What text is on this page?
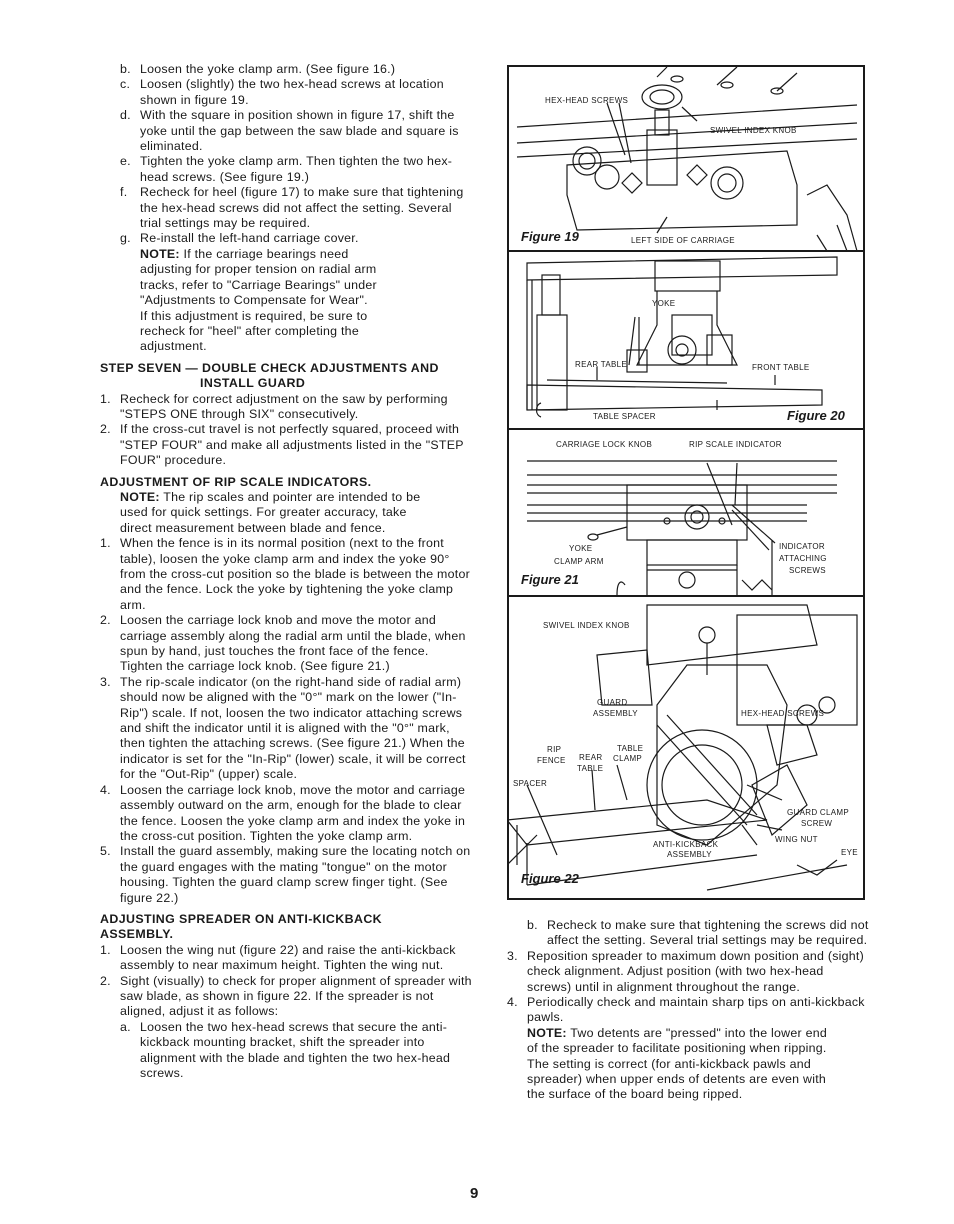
b. Loosen the yoke clamp arm. (See figure 16.)

c. Loosen (slightly) the two hex-head screws at location shown in figure 19.

d. With the square in position shown in figure 17, shift the yoke until the gap between the saw blade and square is eliminated.

e. Tighten the yoke clamp arm. Then tighten the two hex-head screws. (See figure 19.)

f. Recheck for heel (figure 17) to make sure that tightening the hex-head screws did not affect the setting. Several trial settings may be required.

g. Re-install the left-hand carriage cover.

NOTE: If the carriage bearings need adjusting for proper tension on radial arm tracks, refer to "Carriage Bearings" under "Adjustments to Compensate for Wear". If this adjustment is required, be sure to recheck for "heel" after completing the adjustment.

STEP SEVEN — DOUBLE CHECK ADJUSTMENTS AND
INSTALL GUARD

1. Recheck for correct adjustment on the saw by performing "STEPS ONE through SIX" consecutively.

2. If the cross-cut travel is not perfectly squared, proceed with "STEP FOUR" and make all adjustments listed in the "STEP FOUR" procedure.

ADJUSTMENT OF RIP SCALE INDICATORS.

NOTE: The rip scales and pointer are intended to be used for quick settings. For greater accuracy, take direct measurement between blade and fence.

1. When the fence is in its normal position (next to the front table), loosen the yoke clamp arm and index the yoke 90° from the cross-cut position so the blade is between the motor and the fence. Lock the yoke by tightening the yoke clamp arm.

2. Loosen the carriage lock knob and move the motor and carriage assembly along the radial arm until the blade, when spun by hand, just touches the front face of the fence. Tighten the carriage lock knob. (See figure 21.)

3. The rip-scale indicator (on the right-hand side of radial arm) should now be aligned with the "0°" mark on the lower ("In-Rip") scale. If not, loosen the two indicator attaching screws and shift the indicator until it is aligned with the "0°" mark, then tighten the attaching screws. (See figure 21.) When the indicator is set for the "In-Rip" (lower) scale, it will be correct for the "Out-Rip" (upper) scale.

4. Loosen the carriage lock knob, move the motor and carriage assembly outward on the arm, enough for the blade to clear the fence. Loosen the yoke clamp arm and index the yoke in the cross-cut position. Tighten the yoke clamp arm.

5. Install the guard assembly, making sure the locating notch on the guard engages with the mating "tongue" on the motor housing. Tighten the guard clamp screw finger tight. (See figure 22.)

ADJUSTING SPREADER ON ANTI-KICKBACK
ASSEMBLY.

1. Loosen the wing nut (figure 22) and raise the anti-kickback assembly to near maximum height. Tighten the wing nut.

2. Sight (visually) to check for proper alignment of spreader with saw blade, as shown in figure 22. If the spreader is not aligned, adjust it as follows:

a. Loosen the two hex-head screws that secure the anti-kickback mounting bracket, shift the spreader into alignment with the blade and tighten the two hex-head screws.

HEX-HEAD SCREWS
SWIVEL INDEX KNOB
Figure 19	LEFT SIDE OF CARRIAGE
YOKE
REAR TABLE	FRONT TABLE
TABLE SPACER	Figure 20
CARRIAGE LOCK KNOB	RIP SCALE INDICATOR
YOKE
CLAMP ARM
INDICATOR
ATTACHING
SCREWS
Figure 21
SWIVEL INDEX KNOB
GUARD
ASSEMBLY	HEX-HEAD SCREWS
RIP
FENCE REAR
TABLE
TABLE
CLAMP
SPACER
GUARD CLAMP
SCREW
WING NUT
ANTI-KICKBACK
ASSEMBLY	EYE
Figure 22

b. Recheck to make sure that tightening the screws did not affect the setting. Several trial settings may be required.

3. Reposition spreader to maximum down position and (sight) check alignment. Adjust position (with two hex-head screws) until in alignment throughout the range.

4. Periodically check and maintain sharp tips on anti-kickback pawls.

NOTE: Two detents are "pressed" into the lower end of the spreader to facilitate positioning when ripping. The setting is correct (for anti-kickback pawls and spreader) when upper ends of detents are even with the surface of the board being ripped.

9
